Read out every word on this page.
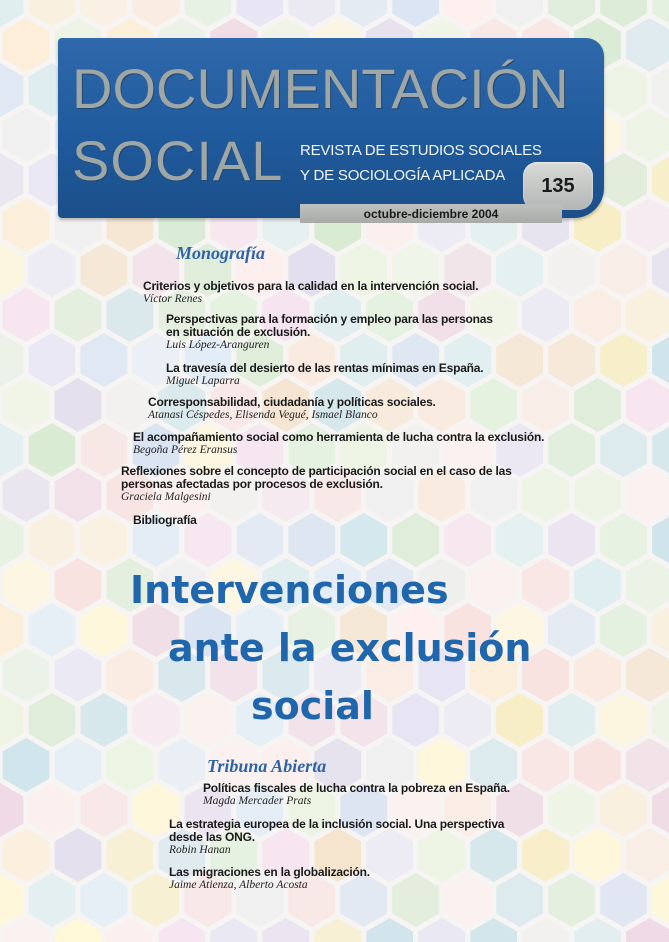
DOCUMENTACIÓN
SOCIAL REVISTA DE ESTUDIOS SOCIALES
Y DE SOCIOLOGÍA APLICADA	135
octubre-diciembre 2004
Monografía
Criterios y objetivos para la calidad en la intervención social.
Víctor Renes
Perspectivas para la formación y empleo para las personas
en situación de exclusión.
Luis López-Aranguren
La travesía del desierto de las rentas mínimas en España.
Miguel Laparra
Corresponsabilidad, ciudadanía y políticas sociales.
Atanasi Céspedes, Elisenda Vegué, Ismael Blanco
El acompañamiento social como herramienta de lucha contra la exclusión.
Begoña Pérez Eransus
Reflexiones sobre el concepto de participación social en el caso de las
personas afectadas por procesos de exclusión.
Graciela Malgesini
Bibliografía
Intervenciones
ante la exclusión
social
Tribuna Abierta
Políticas fiscales de lucha contra la pobreza en España.
Magda Mercader Prats
La estrategia europea de la inclusión social. Una perspectiva
desde las ONG.
Robin Hanan
Las migraciones en la globalización.
Jaime Atienza, Alberto Acosta
